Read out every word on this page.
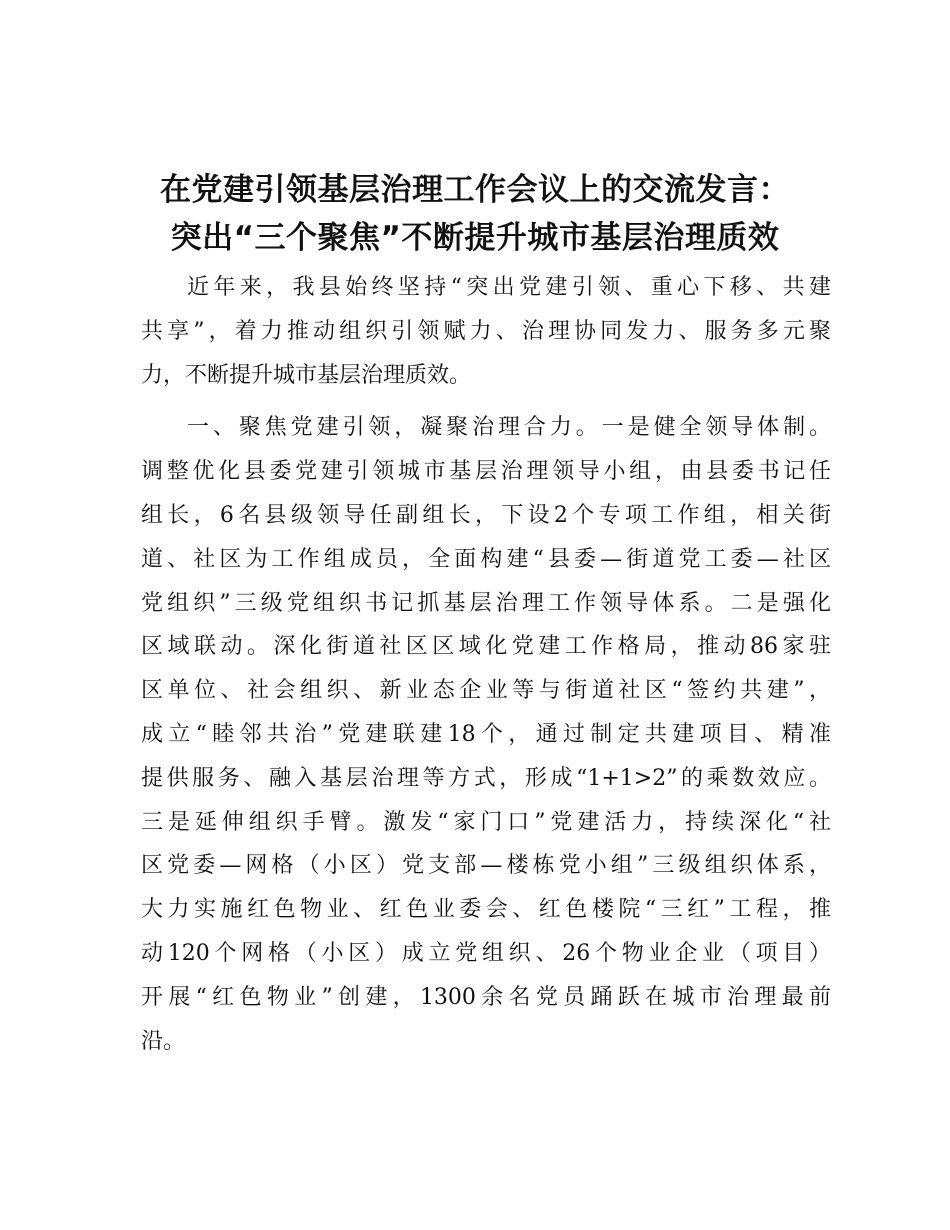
在党建引领基层治理工作会议上的交流发言：
突出“三个聚焦”不断提升城市基层治理质效
近年来，我县始终坚持“突出党建引领、重心下移、共建
共享”，着力推动组织引领赋力、治理协同发力、服务多元聚
力，不断提升城市基层治理质效。
一、聚焦党建引领，凝聚治理合力。一是健全领导体制。
调整优化县委党建引领城市基层治理领导小组，由县委书记任
组长，6名县级领导任副组长，下设2个专项工作组，相关街
道、社区为工作组成员，全面构建“县委—街道党工委—社区
党组织”三级党组织书记抓基层治理工作领导体系。二是强化
区域联动。深化街道社区区域化党建工作格局，推动86家驻
区单位、社会组织、新业态企业等与街道社区“签约共建”，
成立“睦邻共治”党建联建18个，通过制定共建项目、精准
提供服务、融入基层治理等方式，形成“1+1>2”的乘数效应。
三是延伸组织手臂。激发“家门口”党建活力，持续深化“社
区党委—网格（小区）党支部—楼栋党小组”三级组织体系，
大力实施红色物业、红色业委会、红色楼院“三红”工程，推
动120个网格（小区）成立党组织、26个物业企业（项目）
开展“红色物业”创建，1300余名党员踊跃在城市治理最前
沿。
